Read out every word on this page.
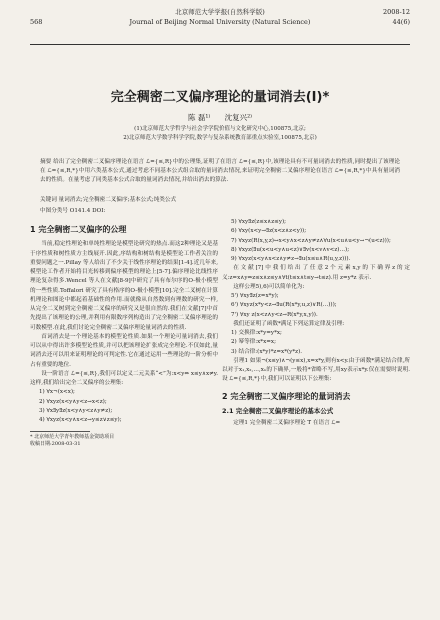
北京师范大学学报(自然科学版)
Journal of Beijing Normal University (Natural Science)
568
2008-12
44(6)
完全稠密二叉偏序理论的量词消去(Ⅰ)*
陈 磊¹⁾ 沈复兴²⁾
(1)北京师范大学哲学与社会学学院价值与文化研究中心,100875,北京;
2)北京师范大学数学科学学院,数学与复杂系统教育部重点实验室,100875,北京)
摘要 给出了完全稠密二叉偏序理论在语言 ℒ={≤,R}中的公理集,证明了在语言 ℒ={≤,R}中,该理论具有不可量词消去的性质,同时提出了该理论在 ℒ={≤,R,*}中用六类基本公式,通过考虑不同基本公式组合取的量词消去情况,来证明完全稠密二叉偏序理论在语言 ℒ={≤,R,*}中具有量词消去的性质。在量考虑了同类基本公式合取的量词消去情况,并给出消去的算法.
关键词 量词消去;完全稠密二叉偏序;基本公式;纯类公式
中图分类号 O141.4 DOI:
1 完全稠密二叉偏序的公理

当前,稳定性理论和单纯性理论是模型论研究的热点.而这2种理论又是基于序性质和树性质方主线展开.因此,序结构和树结构是模型论工作者关注的重要问题之一.Pillay 等人给出了不少关于线性序理论的结果[1-4].近几年来,模型论工作者开始将目光转移到偏序模型的理论上[5-7].偏序理论比线性序理论复杂得多.Wencel 等人在文献[8-9]中研究了具有布尔序的O-极小模型的一些性质.Toffalori 研究了具有格序的O-极小模型[10].完全二叉树在计算机理论和图论中都起着基础性的作用.而就像从自然数到有理数的研究一样,从完全二叉树到完全稠密二叉偏序的研究又是很自然的.我们在文献[7]中首先提出了该理论的公理,并利用有限数序列构造出了完全稠密二叉偏序理论的可数模型.在此,我们讨论完全稠密二叉偏序理论量词消去的性质.

首词消去是一个理论基本的模型论性质.如果一个理论可量词消去,我们可以从中得出许多模型论性质,并可以把该理论扩张成完全理论.不仅如此,量词消去还可以用来证明理论的可判定性.它在通过运用一些理论的一阶分析中占有重要的地位.

设一阶语言 ℒ={≤,R},我们可以定义二元关系“<”为:x<y⇔ x≤y∧x≠y.这样,我们给出完全二叉偏序的公理集:

1) ∀x¬(x<x);

2) ∀xyz(x<y∧y<z→x<z);

3) ∀x∃y∃z(x<y∧y<z∧y≠z);

4) ∀xyz(x<y∧x<z→y≤z∨z≤y);

* 北京师范大学青年教师基金资助项目

收稿日期:2008-03-31

5) ∀xy∃z(z≤x∧z≤y);

6) ∀xy(x<y→∃z(x<z∧z<y));

7) ∀xyz(R(x,y,z)↔x<y∧x<z∧y≠z∧∀u(x<u∧u<y→¬(u<z)));

8) ∀xyz(∃u(x<u<y∧u<z)∨∃v(x<v∧v<z)…);

9) ∀xyz(x<y∧x<z∧y≠z→∃u(x≤u∧R(u,y,z))).

在文献[7]中我们给出了任意2个元素x,y的下确界z的定义:z=x∧y⇔z≤x∧z≤y∧∀t(t≤x∧t≤y→t≤z).用 z=y*z 表示.

这样公理5),6)可以简单化为:

5') ∀xy∃z(z=x*y);

6') ∀xyz(x*y<z→∃u(R(x*y,u,z)∨R(…)));

7') ∀xy z(x<z∧y<z→R(x*y,x,y)).

我们还证明了函数*满足下列运算定律及引理:

1) 交换律:x*y=y*x;

2) 幂等律:x*x=x;

3) 结合律:(x*y)*z=x*(y*z).

引理1 如果¬(x≤y)∧¬(y≤x),x=x*y,则有x<y.由于函数*满足结合律,所以对于x₁,x₂,…,xₙ的下确界,一般将*省略不写,用xy表示x*y.仅在需要时说明.设 ℒ={≤,R,*}中,我们可以证明以下公理集:

2 完全稠密二叉偏序理论的量词消去
2.1 完全稠密二叉偏序理论的基本公式

定理1 完全稠密二叉偏序理论 T 在语言 ℒ=
